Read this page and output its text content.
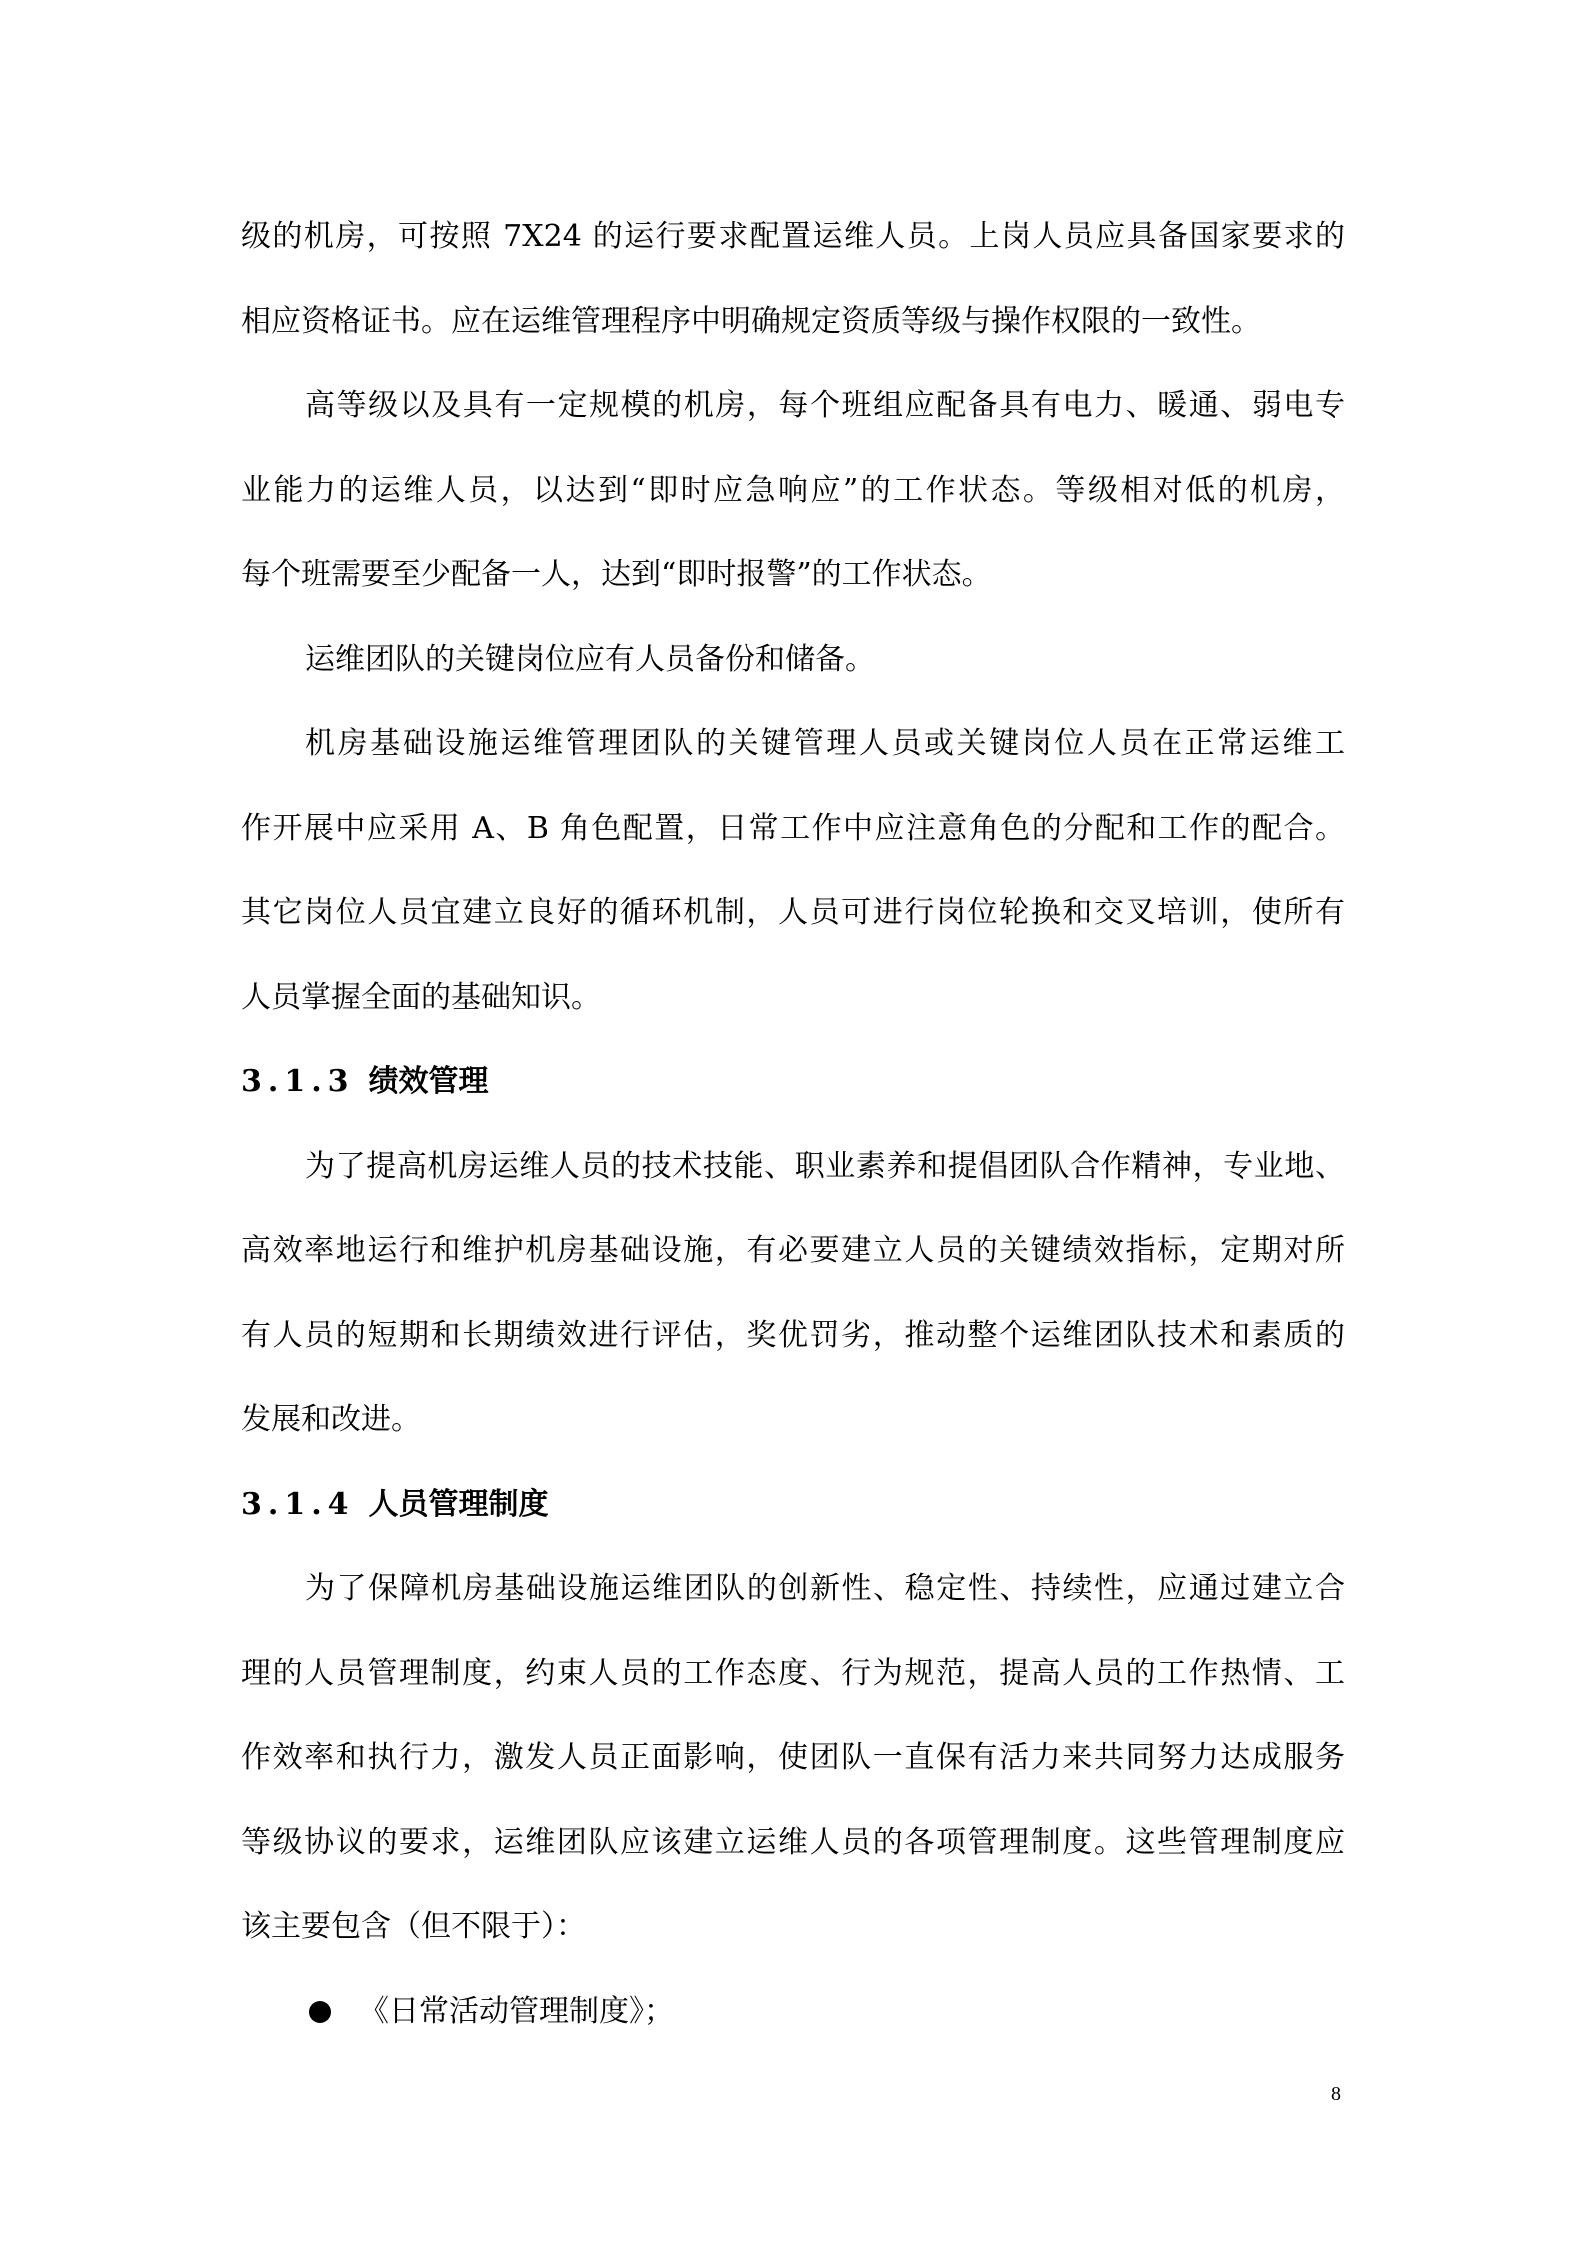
级的机房，可按照 7X24 的运行要求配置运维人员。上岗人员应具备国家要求的
相应资格证书。应在运维管理程序中明确规定资质等级与操作权限的一致性。
高等级以及具有一定规模的机房，每个班组应配备具有电力、暖通、弱电专
业能力的运维人员，以达到“即时应急响应”的工作状态。等级相对低的机房，
每个班需要至少配备一人，达到“即时报警”的工作状态。
运维团队的关键岗位应有人员备份和储备。
机房基础设施运维管理团队的关键管理人员或关键岗位人员在正常运维工
作开展中应采用 A、B 角色配置，日常工作中应注意角色的分配和工作的配合。
其它岗位人员宜建立良好的循环机制，人员可进行岗位轮换和交叉培训，使所有
人员掌握全面的基础知识。
3.1.3 绩效管理
为了提高机房运维人员的技术技能、职业素养和提倡团队合作精神，专业地、
高效率地运行和维护机房基础设施，有必要建立人员的关键绩效指标，定期对所
有人员的短期和长期绩效进行评估，奖优罚劣，推动整个运维团队技术和素质的
发展和改进。
3.1.4 人员管理制度
为了保障机房基础设施运维团队的创新性、稳定性、持续性，应通过建立合
理的人员管理制度，约束人员的工作态度、行为规范，提高人员的工作热情、工
作效率和执行力，激发人员正面影响，使团队一直保有活力来共同努力达成服务
等级协议的要求，运维团队应该建立运维人员的各项管理制度。这些管理制度应
该主要包含（但不限于）：
《日常活动管理制度》；
8
